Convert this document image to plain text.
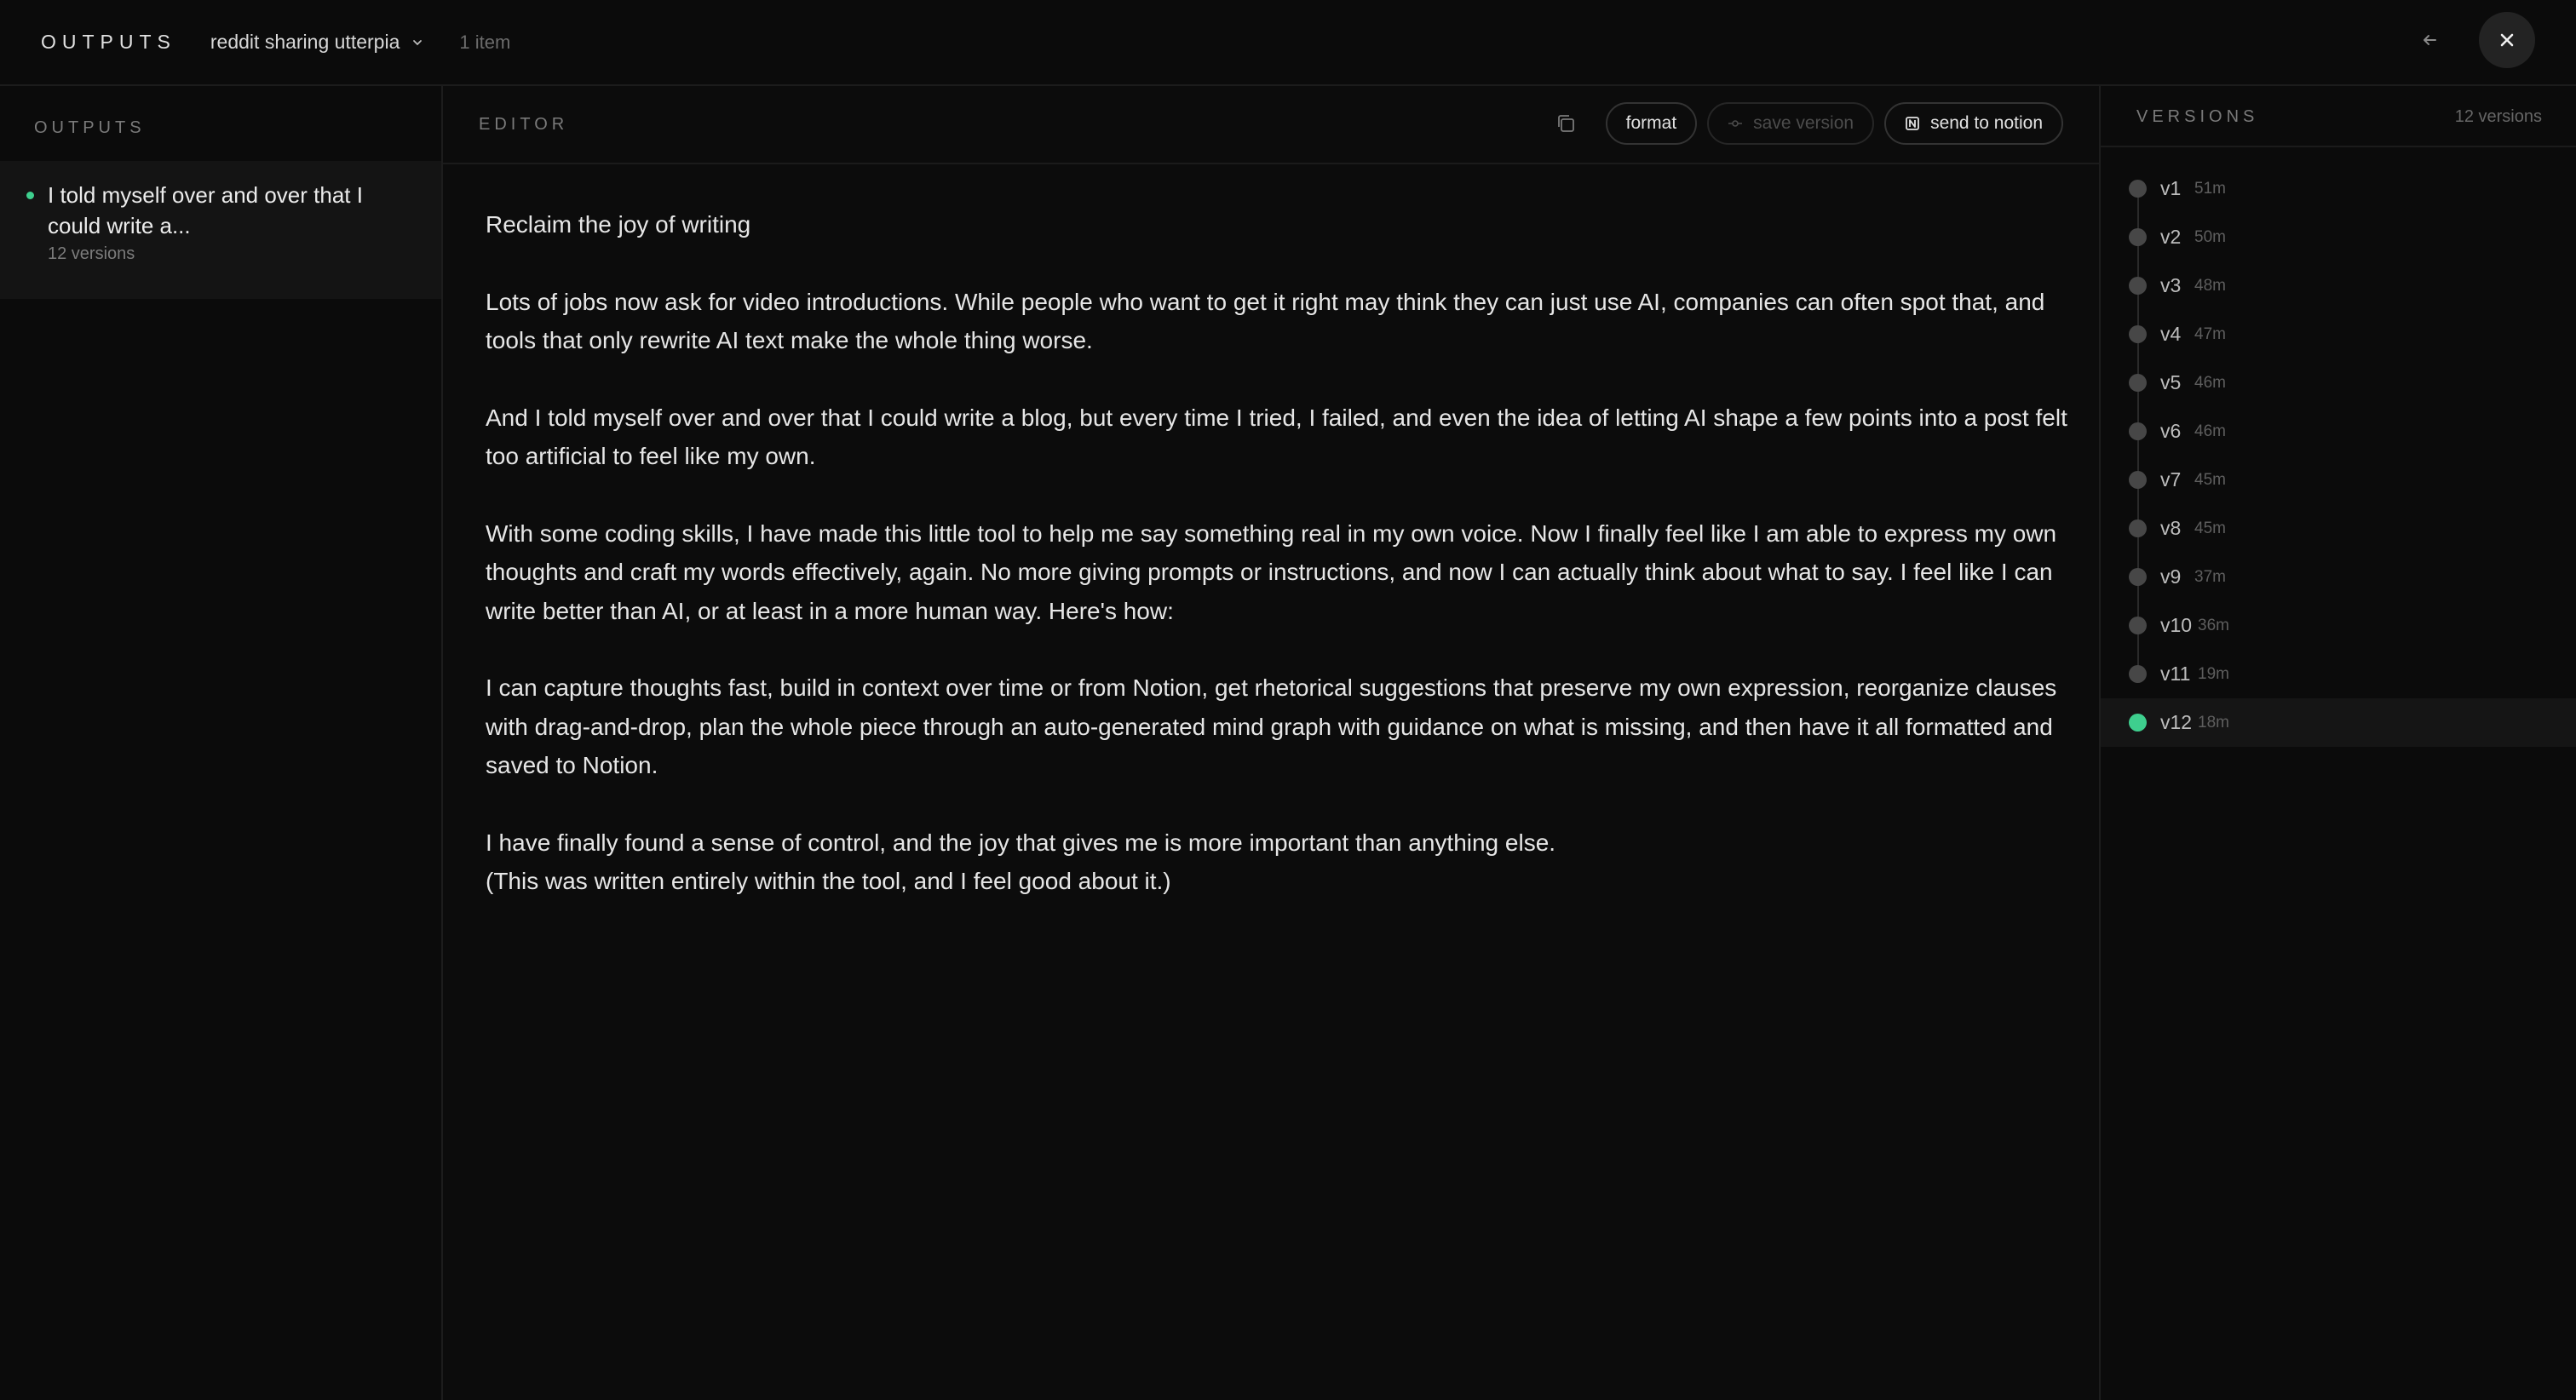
OUTPUTS reddit sharing utterpia	1 item
OUTPUTS
I told myself over and over that I could write a...
12 versions
EDITOR	format	save version	send to notion

Reclaim the joy of writing

Lots of jobs now ask for video introductions. While people who want to get it right may think they can just use AI, companies can often spot that, and tools that only rewrite AI text make the whole thing worse.

And I told myself over and over that I could write a blog, but every time I tried, I failed, and even the idea of letting AI shape a few points into a post felt too artificial to feel like my own.

With some coding skills, I have made this little tool to help me say something real in my own voice. Now I finally feel like I am able to express my own thoughts and craft my words effectively, again. No more giving prompts or instructions, and now I can actually think about what to say. I feel like I can write better than AI, or at least in a more human way. Here's how:

I can capture thoughts fast, build in context over time or from Notion, get rhetorical suggestions that preserve my own expression, reorganize clauses with drag-and-drop, plan the whole piece through an auto-generated mind graph with guidance on what is missing, and then have it all formatted and saved to Notion.

I have finally found a sense of control, and the joy that gives me is more important than anything else.

(This was written entirely within the tool, and I feel good about it.)

VERSIONS	12 versions
v1 51m
v2 50m
v3 48m
v4 47m
v5 46m
v6 46m
v7 45m
v8 45m
v9 37m
v10 36m
v11 19m
v12 18m
